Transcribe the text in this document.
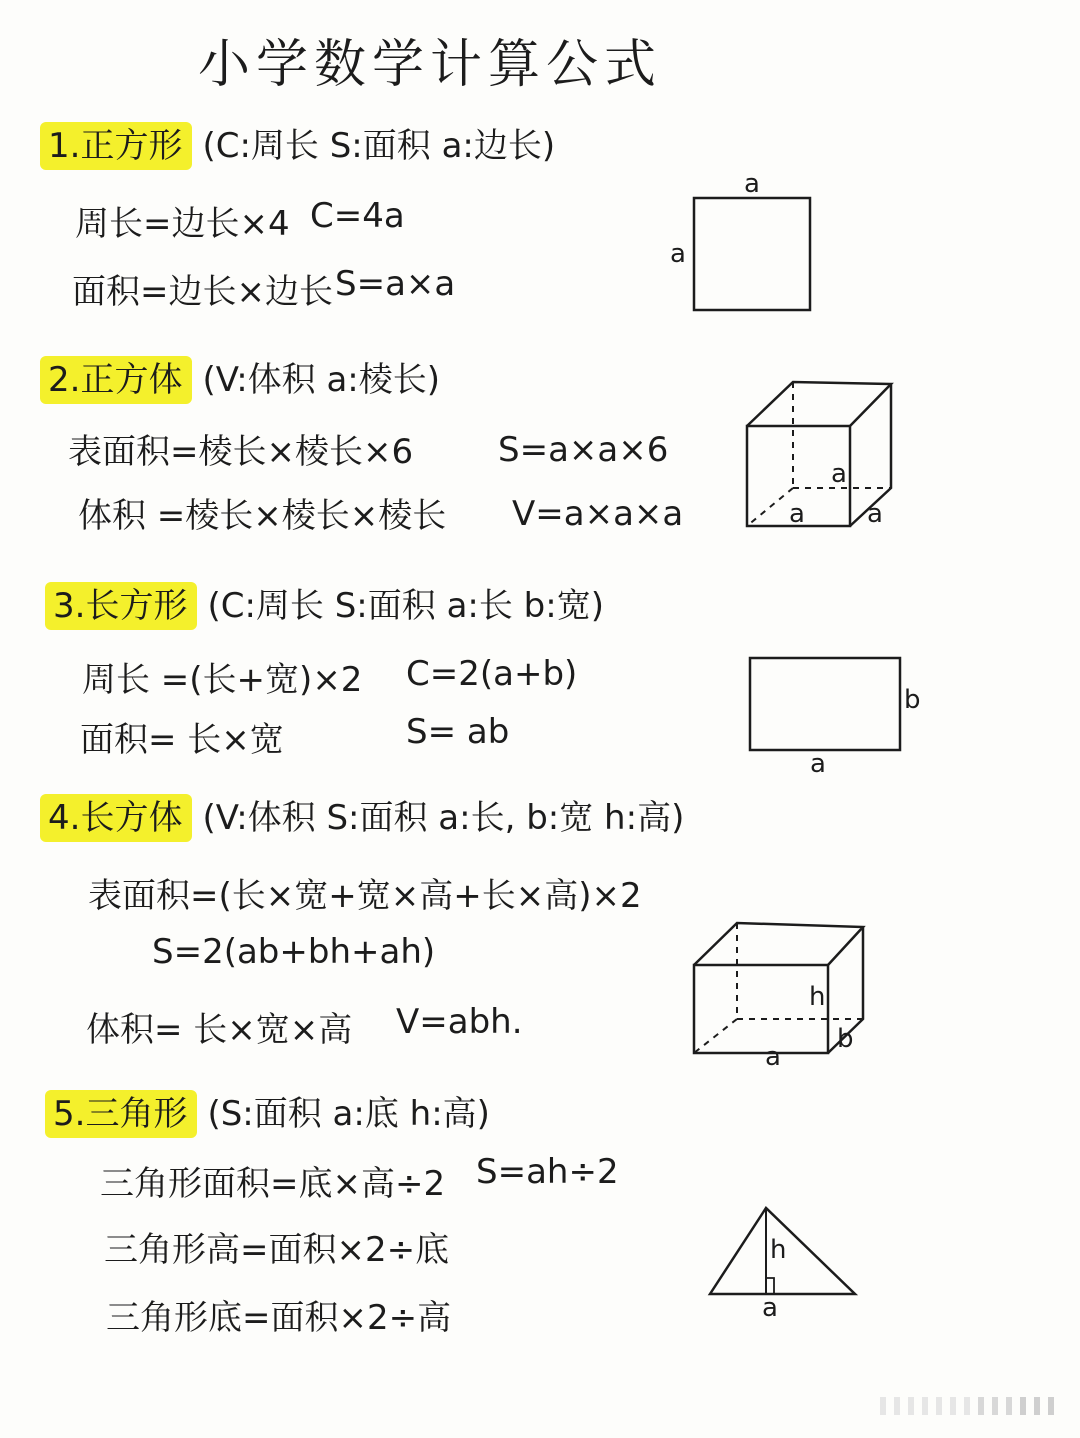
小学数学计算公式
1.正方形 (C:周长 S:面积 a:边长)
周长=边长×4 C=4a
面积=边长×边长 S=a×a
a
a
2.正方体 (V:体积 a:棱长)
表面积=棱长×棱长×6 S=a×a×6
体积 =棱长×棱长×棱长 V=a×a×a
a
a a
3.长方形 (C:周长 S:面积 a:长 b:宽)
周长 =(长+宽)×2 C=2(a+b)
面积= 长×宽	S= ab
b
a
4.长方体 (V:体积 S:面积 a:长, b:宽 h:高)
表面积=(长×宽+宽×高+长×高)×2
S=2(ab+bh+ah)
体积= 长×宽×高 V=abh.
h
b
a
5.三角形 (S:面积 a:底 h:高)
三角形面积=底×高÷2 S=ah÷2
三角形高=面积×2÷底
三角形底=面积×2÷高
h
a
